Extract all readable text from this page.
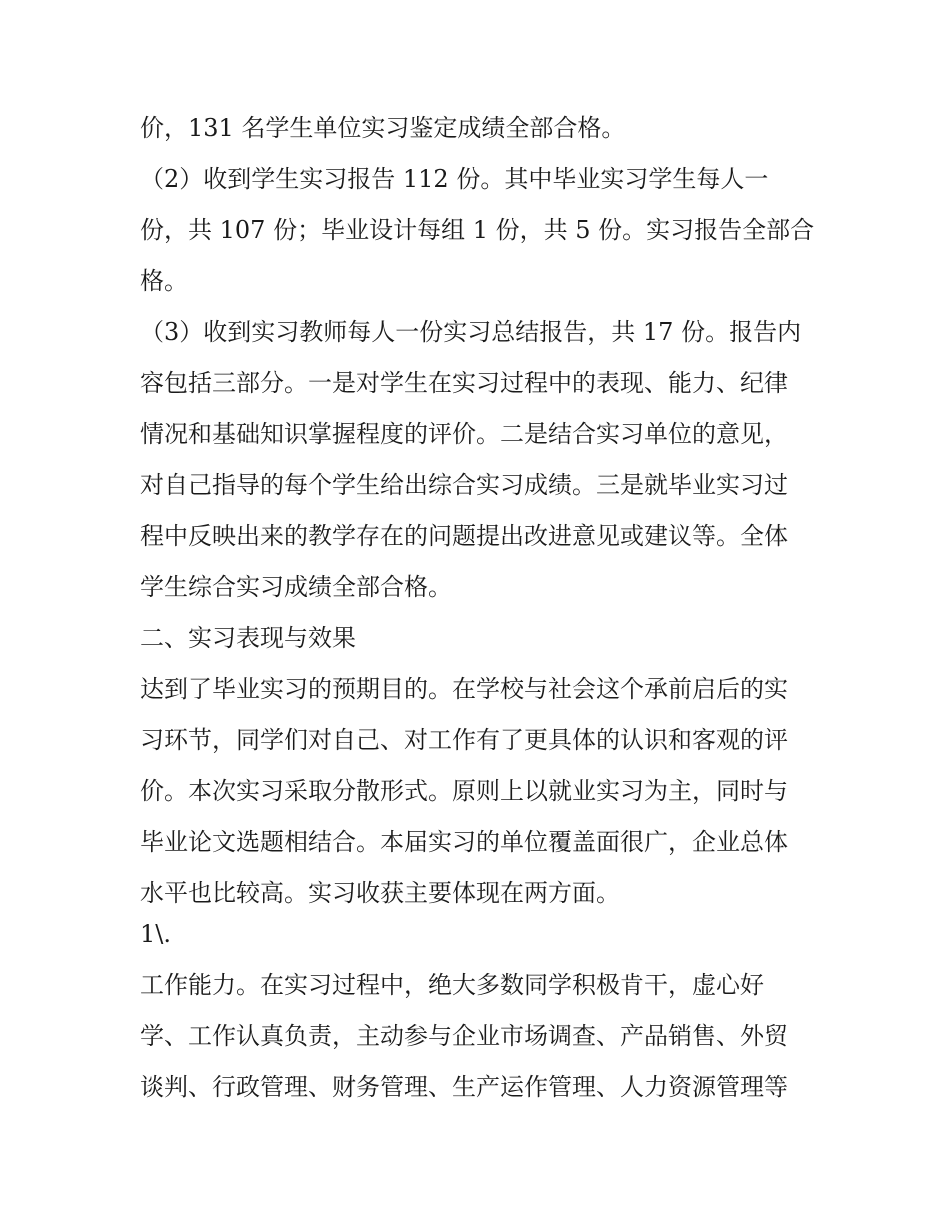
价，131 名学生单位实习鉴定成绩全部合格。
（2）收到学生实习报告 112 份。其中毕业实习学生每人一
份，共 107 份；毕业设计每组 1 份，共 5 份。实习报告全部合
格。
（3）收到实习教师每人一份实习总结报告，共 17 份。报告内
容包括三部分。一是对学生在实习过程中的表现、能力、纪律
情况和基础知识掌握程度的评价。二是结合实习单位的意见，
对自己指导的每个学生给出综合实习成绩。三是就毕业实习过
程中反映出来的教学存在的问题提出改进意见或建议等。全体
学生综合实习成绩全部合格。
二、实习表现与效果
达到了毕业实习的预期目的。在学校与社会这个承前启后的实
习环节，同学们对自己、对工作有了更具体的认识和客观的评
价。本次实习采取分散形式。原则上以就业实习为主，同时与
毕业论文选题相结合。本届实习的单位覆盖面很广，企业总体
水平也比较高。实习收获主要体现在两方面。
1\.
工作能力。在实习过程中，绝大多数同学积极肯干，虚心好
学、工作认真负责，主动参与企业市场调查、产品销售、外贸
谈判、行政管理、财务管理、生产运作管理、人力资源管理等
